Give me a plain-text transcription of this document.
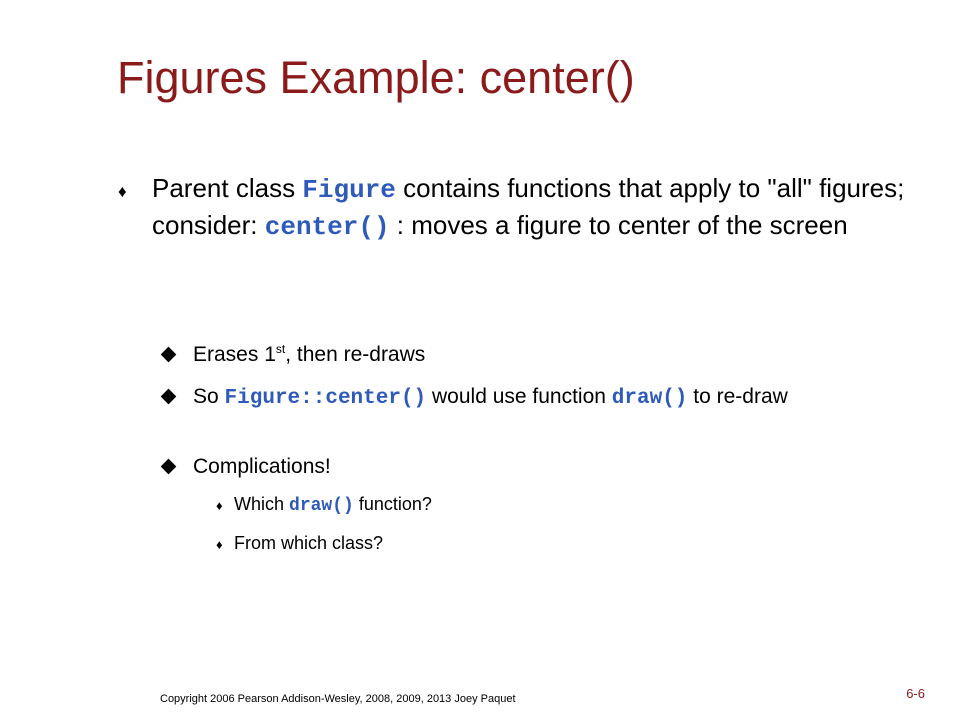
Figures Example: center()
♦ Parent class Figure contains functions that apply to "all" figures; consider: center() : moves a figure to center of the screen
Erases 1st, then re-draws
So Figure::center() would use function draw() to re-draw
Complications!
♦ Which draw() function?
♦ From which class?
Copyright 2006 Pearson Addison-Wesley, 2008, 2009, 2013 Joey Paquet	6-6
